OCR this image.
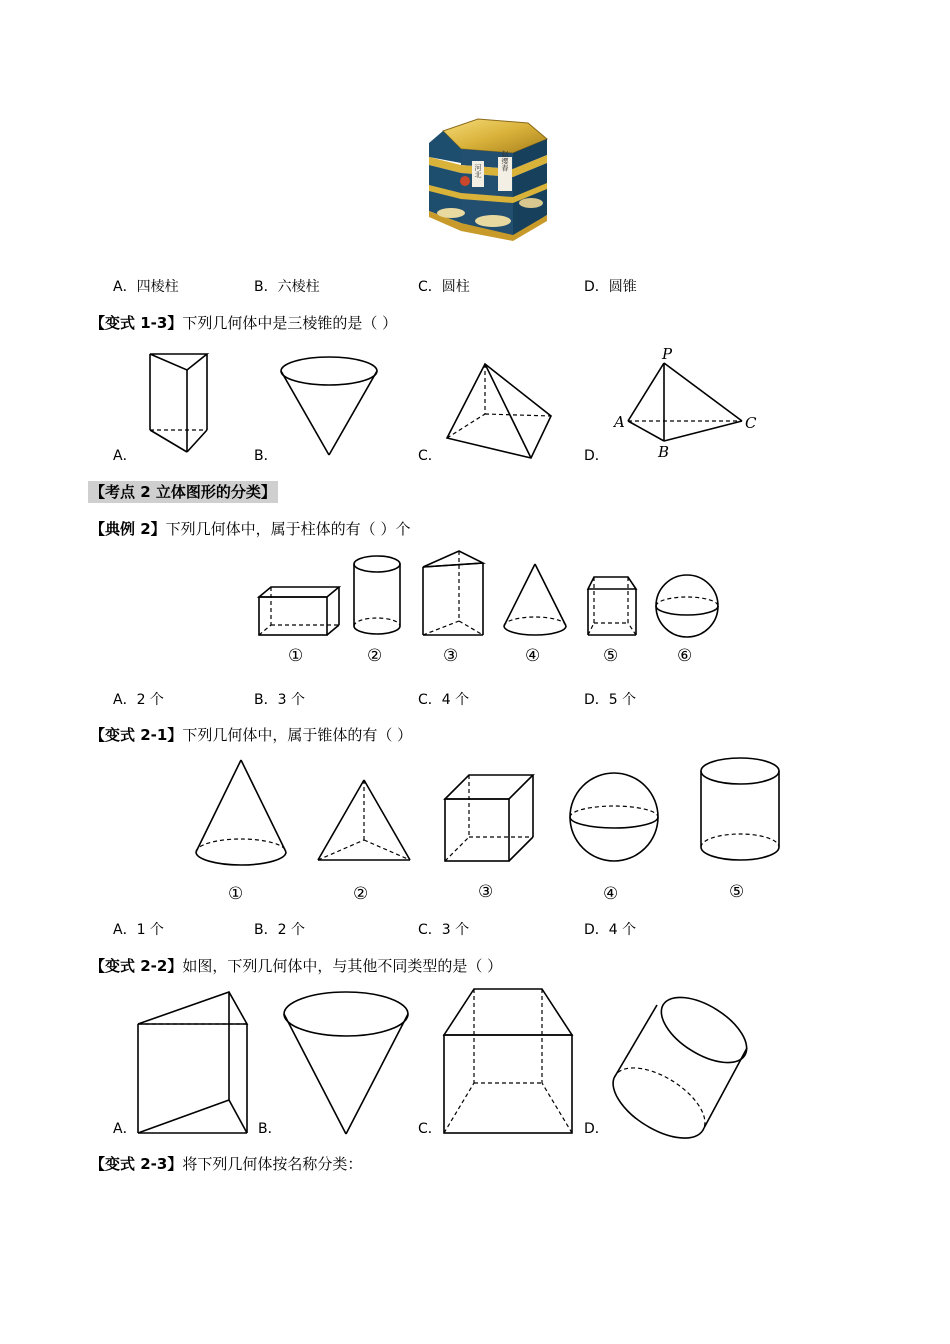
河北	赵缨春
A．四棱柱	B．六棱柱	C．圆柱	D．圆锥
【变式 1-3】下列几何体中是三棱锥的是（ ）
P
A
B
C
A．	B．	C．	D．
【考点 2 立体图形的分类】
【典例 2】下列几何体中，属于柱体的有（ ）个
①	②	③	④	⑤	⑥
A．2 个	B．3 个	C．4 个	D．5 个
【变式 2-1】下列几何体中，属于锥体的有（ ）
①	②	③	④	⑤
A．1 个	B．2 个	C．3 个	D．4 个
【变式 2-2】如图，下列几何体中，与其他不同类型的是（ ）
A．	B．	C．	D．
【变式 2-3】将下列几何体按名称分类：
